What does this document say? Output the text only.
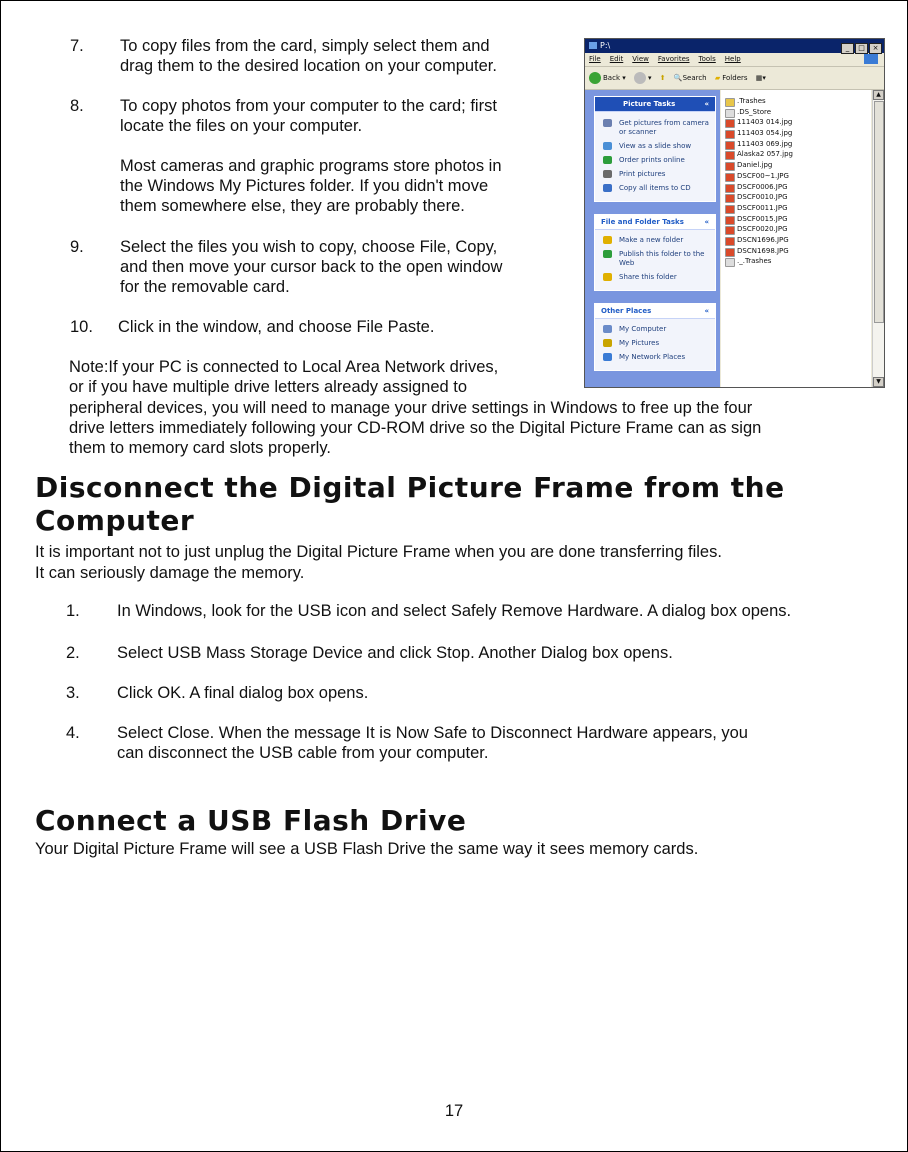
7. To copy files from the card, simply select them and
drag them to the desired location on your computer.
8. To copy photos from your computer to the card; first
locate the files on your computer.
Most cameras and graphic programs store photos in
the Windows My Pictures folder. If you didn't move
them somewhere else, they are probably there.
9. Select the files you wish to copy, choose File, Copy,
and then move your cursor back to the open window
for the removable card.
10. Click in the window, and choose File Paste.
Note:If your PC is connected to Local Area Network drives,
or if you have multiple drive letters already assigned to
peripheral devices, you will need to manage your drive settings in Windows to free up the four
drive letters immediately following your CD-ROM drive so the Digital Picture Frame can as sign
them to memory card slots properly.
Disconnect the Digital Picture Frame from the
Computer
It is important not to just unplug the Digital Picture Frame when you are done transferring files.
It can seriously damage the memory.
1. In Windows, look for the USB icon and select Safely Remove Hardware. A dialog box opens.
2. Select USB Mass Storage Device and click Stop. Another Dialog box opens.
3. Click OK. A final dialog box opens.
4. Select Close. When the message It is Now Safe to Disconnect Hardware appears, you
can disconnect the USB cable from your computer.
Connect a USB Flash Drive
Your Digital Picture Frame will see a USB Flash Drive the same way it sees memory cards.
17
P:\	_ □ ×
File Edit View Favorites Tools Help
Back ▾	▾ ⬆ 🔍Search ▰ Folders ▦▾
Picture Tasks	«
Get pictures from camera or scanner
View as a slide show
Order prints online
Print pictures
Copy all items to CD
File and Folder Tasks	«
Make a new folder
Publish this folder to the Web
Share this folder
Other Places	«
My Computer
My Pictures
My Network Places
.Trashes
.DS_Store
111403 014.jpg
111403 054.jpg
111403 069.jpg
Alaska2 057.jpg
Daniel.jpg
DSCF00~1.JPG
DSCF0006.JPG
DSCF0010.JPG
DSCF0011.JPG
DSCF0015.JPG
DSCF0020.JPG
DSCN1696.JPG
DSCN1698.JPG
._.Trashes
▲
▼
